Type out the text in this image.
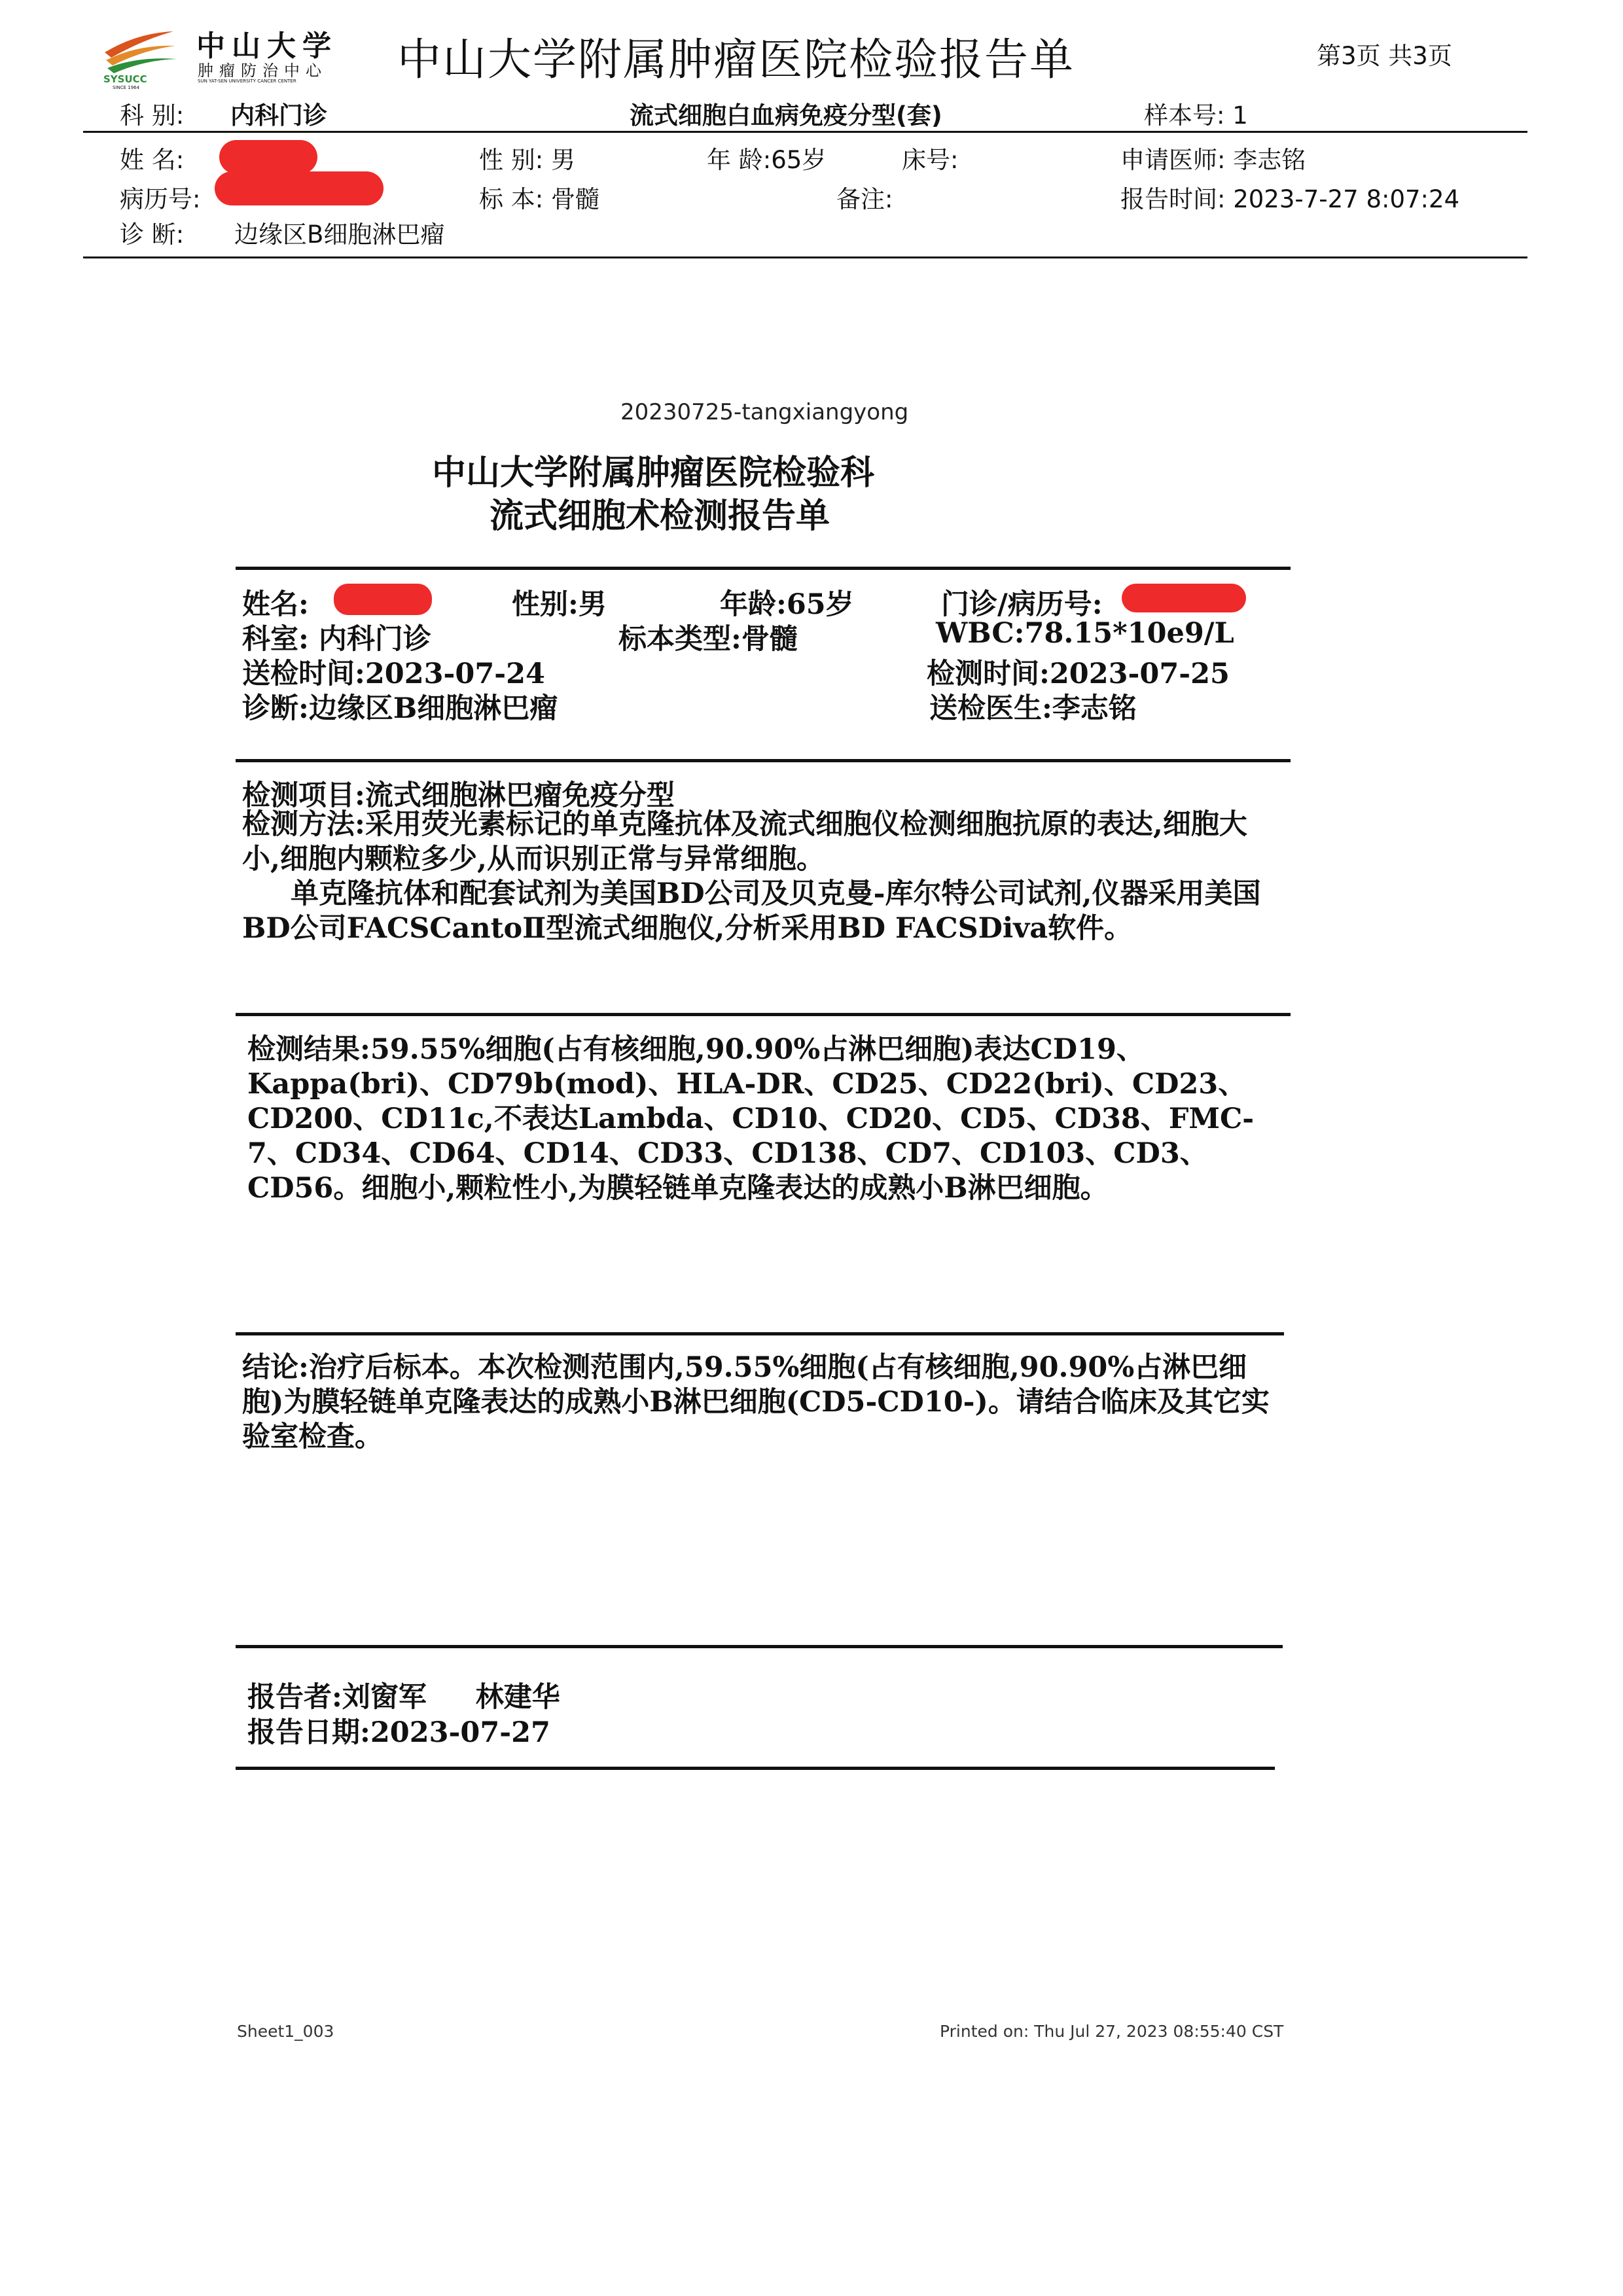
SYSUCC
中山大学
肿瘤防治中心
SUN YAT-SEN UNIVERSITY CANCER CENTER
SINCE 1964
中山大学附属肿瘤医院检验报告单	第3页 共3页
科 别: 内科门诊	流式细胞白血病免疫分型(套)	样本号: 1
姓 名:	性 别: 男	年 龄:65岁	床号:	申请医师: 李志铭
病历号:	标 本: 骨髓	备注:	报告时间: 2023-7-27 8:07:24
诊 断: 边缘区B细胞淋巴瘤
20230725-tangxiangyong
中山大学附属肿瘤医院检验科
流式细胞术检测报告单
姓名:	性别:男	年龄:65岁	门诊/病历号:
科室: 内科门诊	标本类型:骨髓	WBC:78.15*10e9/L
送检时间:2023-07-24	检测时间:2023-07-25
诊断:边缘区B细胞淋巴瘤	送检医生:李志铭
检测项目:流式细胞淋巴瘤免疫分型
检测方法:采用荧光素标记的单克隆抗体及流式细胞仪检测细胞抗原的表达,细胞大小,细胞内颗粒多少,从而识别正常与异常细胞。
单克隆抗体和配套试剂为美国BD公司及贝克曼-库尔特公司试剂,仪器采用美国BD公司FACSCantoⅡ型流式细胞仪,分析采用BD FACSDiva软件。
检测结果:59.55%细胞(占有核细胞,90.90%占淋巴细胞)表达CD19、Kappa(bri)、CD79b(mod)、HLA-DR、CD25、CD22(bri)、CD23、CD200、CD11c,不表达Lambda、CD10、CD20、CD5、CD38、FMC-7、CD34、CD64、CD14、CD33、CD138、CD7、CD103、CD3、CD56。细胞小,颗粒性小,为膜轻链单克隆表达的成熟小B淋巴细胞。
结论:治疗后标本。本次检测范围内,59.55%细胞(占有核细胞,90.90%占淋巴细胞)为膜轻链单克隆表达的成熟小B淋巴细胞(CD5-CD10-)。请结合临床及其它实验室检查。
报告者:刘窗军     林建华
报告日期:2023-07-27
Sheet1_003	Printed on: Thu Jul 27, 2023 08:55:40 CST
